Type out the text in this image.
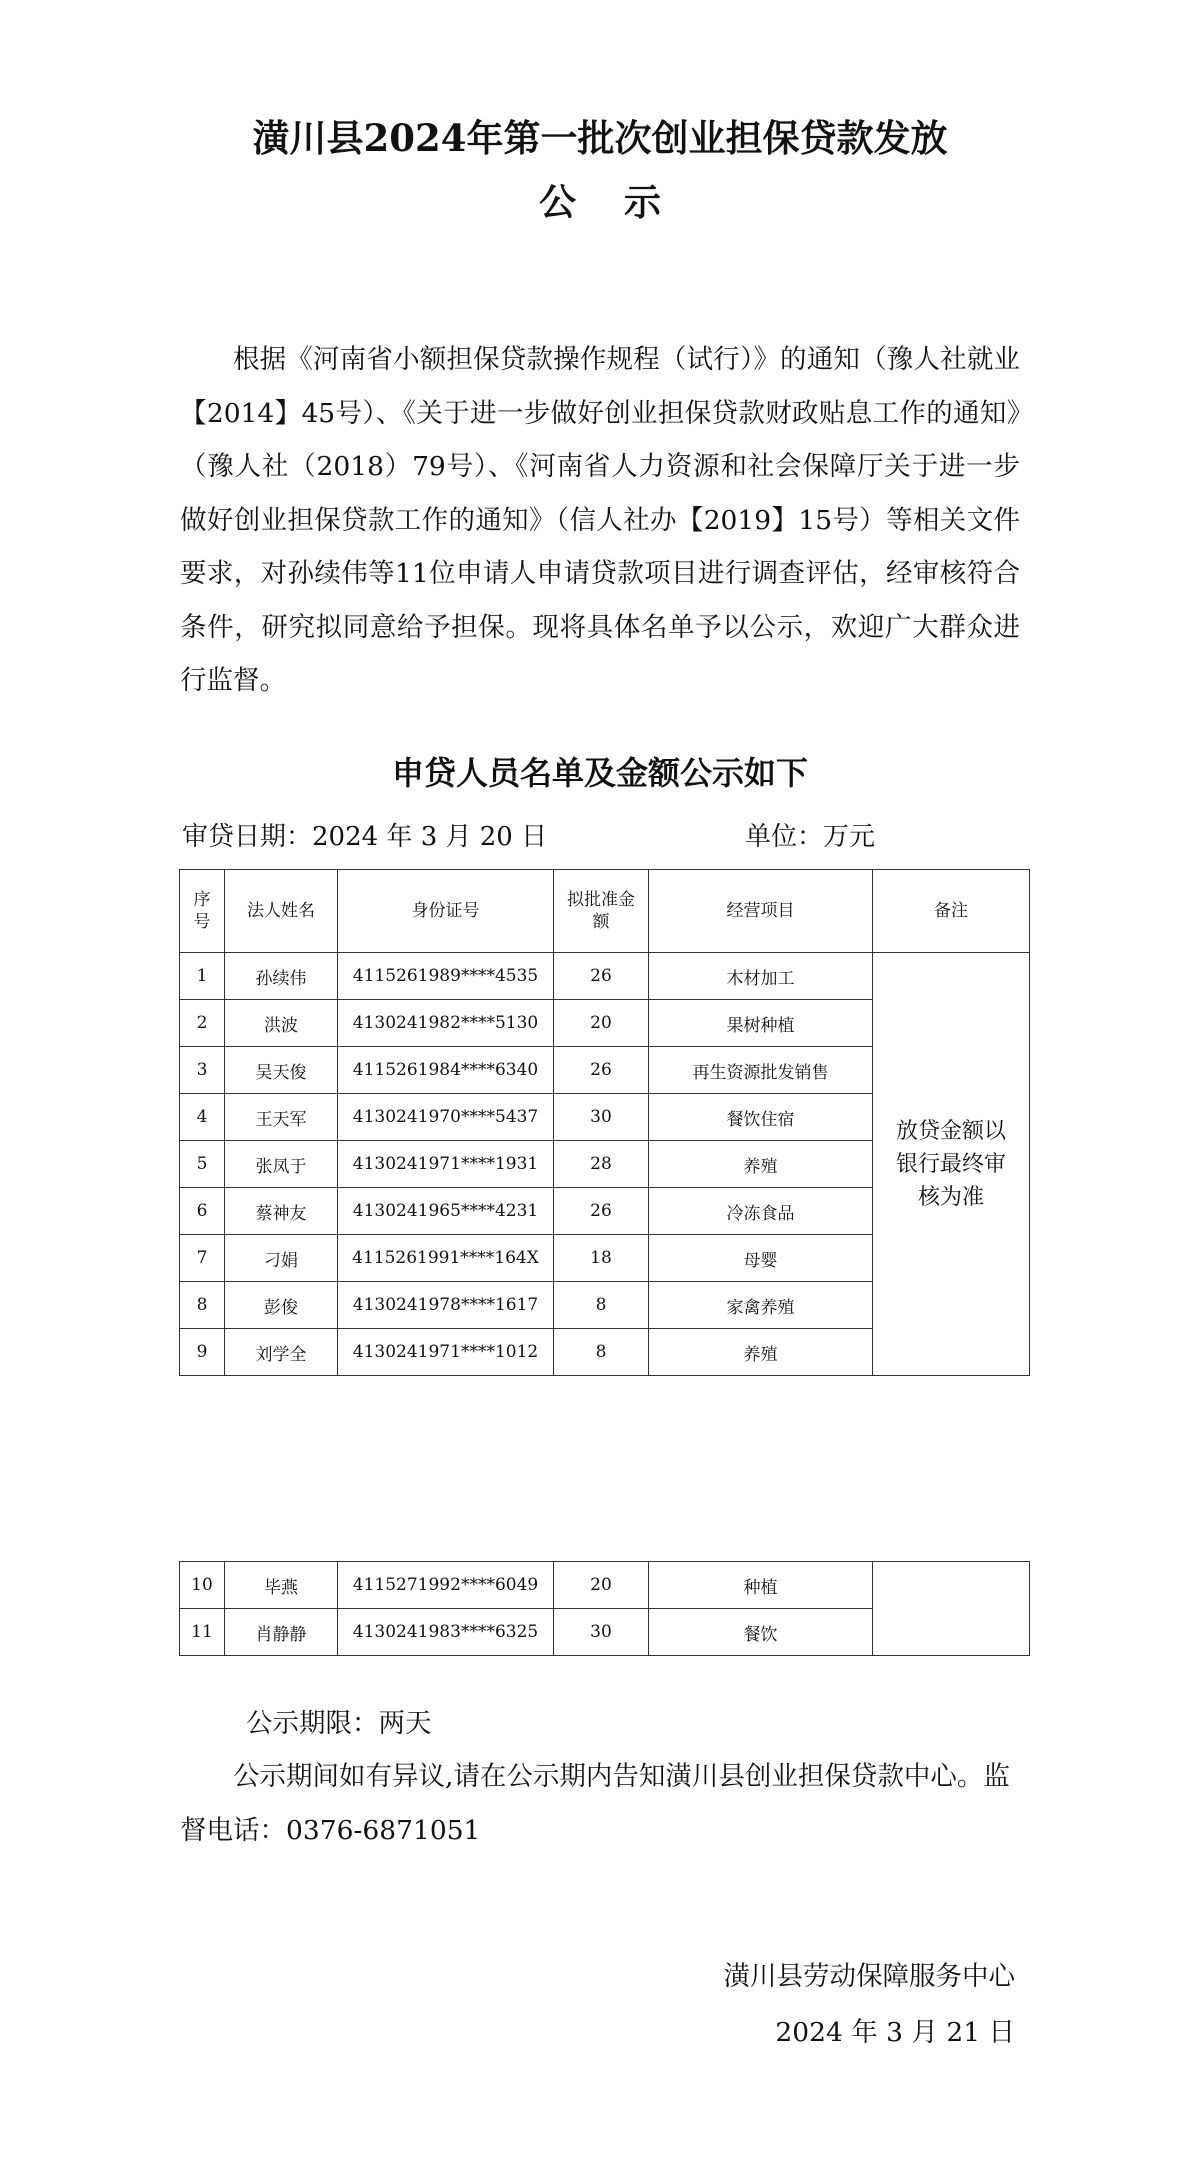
潢川县2024年第一批次创业担保贷款发放
公示

根据《河南省小额担保贷款操作规程（试行）》的通知（豫人社就业【2014】45号）、《关于进一步做好创业担保贷款财政贴息工作的通知》（豫人社（2018）79号）、《河南省人力资源和社会保障厅关于进一步做好创业担保贷款工作的通知》（信人社办【2019】15号）等相关文件要求，对孙续伟等11位申请人申请贷款项目进行调查评估，经审核符合条件，研究拟同意给予担保。现将具体名单予以公示，欢迎广大群众进行监督。

申贷人员名单及金额公示如下
审贷日期：2024 年 3 月 20 日	单位：万元
序号	法人姓名	身份证号	拟批准金额	经营项目	备注
1	孙续伟	4115261989****4535	26	木材加工	放贷金额以银行最终审核为准
2	洪波	4130241982****5130	20	果树种植	
3	吴天俊	4115261984****6340	26	再生资源批发销售	
4	王天军	4130241970****5437	30	餐饮住宿	
5	张凤于	4130241971****1931	28	养殖	
6	蔡神友	4130241965****4231	26	冷冻食品	
7	刁娟	4115261991****164X	18	母婴	
8	彭俊	4130241978****1617	8	家禽养殖	
9	刘学全	4130241971****1012	8	养殖	
10	毕燕	4115271992****6049	20	种植	
11	肖静静	4130241983****6325	30	餐饮	
公示期限：两天

公示期间如有异议,请在公示期内告知潢川县创业担保贷款中心。监督电话：0376-6871051

潢川县劳动保障服务中心
2024 年 3 月 21 日
